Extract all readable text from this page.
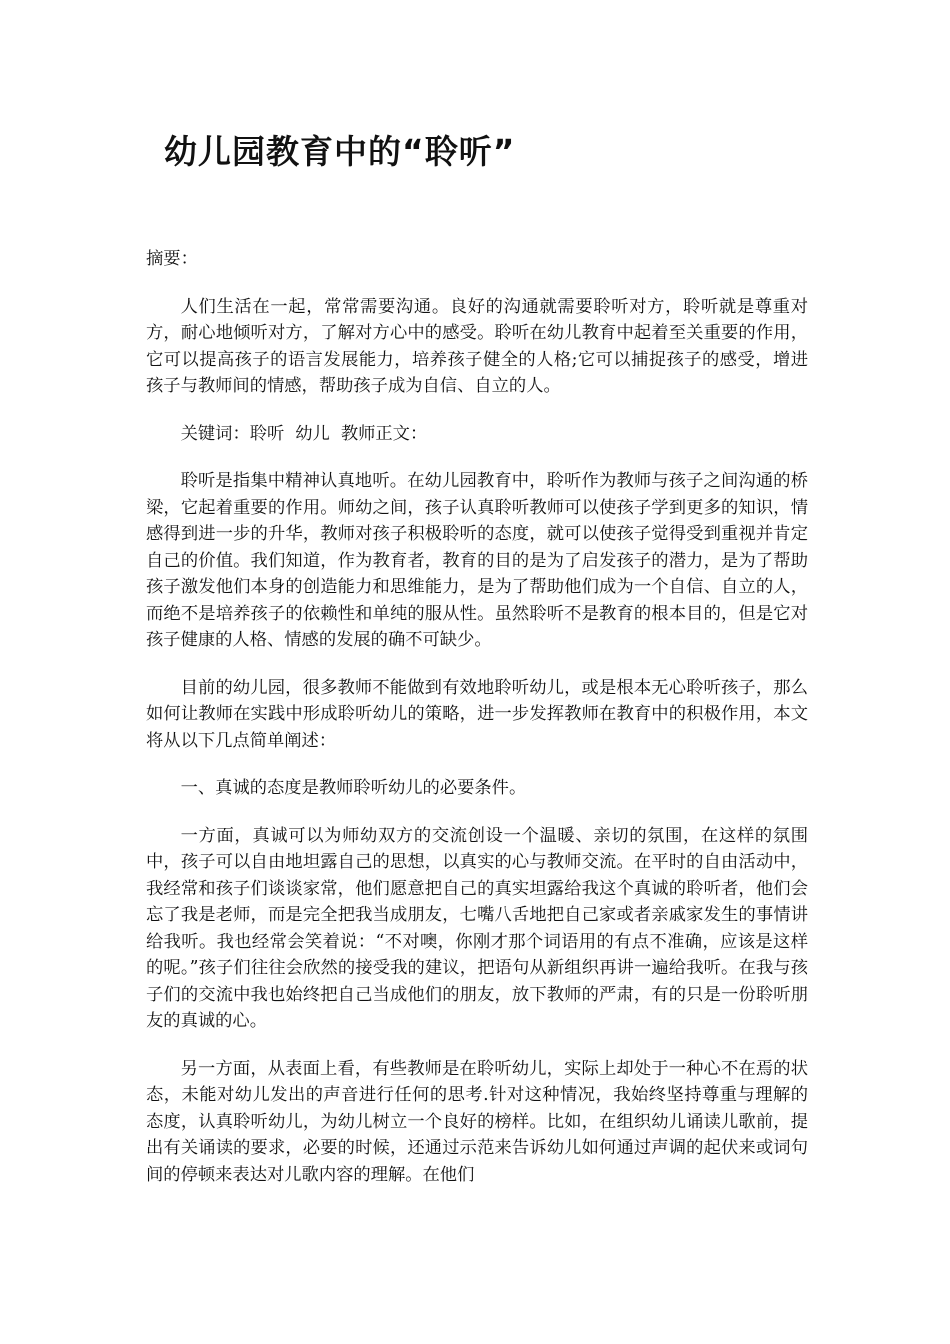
幼儿园教育中的“聆听”

摘要：

人们生活在一起，常常需要沟通。良好的沟通就需要聆听对方，聆听就是尊重对方，耐心地倾听对方，了解对方心中的感受。聆听在幼儿教育中起着至关重要的作用，它可以提高孩子的语言发展能力，培养孩子健全的人格;它可以捕捉孩子的感受，增进孩子与教师间的情感，帮助孩子成为自信、自立的人。

关键词：聆听  幼儿  教师正文：

聆听是指集中精神认真地听。在幼儿园教育中，聆听作为教师与孩子之间沟通的桥梁，它起着重要的作用。师幼之间，孩子认真聆听教师可以使孩子学到更多的知识，情感得到进一步的升华，教师对孩子积极聆听的态度，就可以使孩子觉得受到重视并肯定自己的价值。我们知道，作为教育者，教育的目的是为了启发孩子的潜力，是为了帮助孩子激发他们本身的创造能力和思维能力，是为了帮助他们成为一个自信、自立的人，而绝不是培养孩子的依赖性和单纯的服从性。虽然聆听不是教育的根本目的，但是它对孩子健康的人格、情感的发展的确不可缺少。

目前的幼儿园，很多教师不能做到有效地聆听幼儿，或是根本无心聆听孩子，那么如何让教师在实践中形成聆听幼儿的策略，进一步发挥教师在教育中的积极作用，本文将从以下几点简单阐述：

一、真诚的态度是教师聆听幼儿的必要条件。

一方面，真诚可以为师幼双方的交流创设一个温暖、亲切的氛围，在这样的氛围中，孩子可以自由地坦露自己的思想，以真实的心与教师交流。在平时的自由活动中，我经常和孩子们谈谈家常，他们愿意把自己的真实坦露给我这个真诚的聆听者，他们会忘了我是老师，而是完全把我当成朋友，七嘴八舌地把自己家或者亲戚家发生的事情讲给我听。我也经常会笑着说：“不对噢，你刚才那个词语用的有点不准确，应该是这样的呢。”孩子们往往会欣然的接受我的建议，把语句从新组织再讲一遍给我听。在我与孩子们的交流中我也始终把自己当成他们的朋友，放下教师的严肃，有的只是一份聆听朋友的真诚的心。

另一方面，从表面上看，有些教师是在聆听幼儿，实际上却处于一种心不在焉的状态，未能对幼儿发出的声音进行任何的思考.针对这种情况，我始终坚持尊重与理解的态度，认真聆听幼儿，为幼儿树立一个良好的榜样。比如，在组织幼儿诵读儿歌前，提出有关诵读的要求，必要的时候，还通过示范来告诉幼儿如何通过声调的起伏来或词句间的停顿来表达对儿歌内容的理解。在他们
